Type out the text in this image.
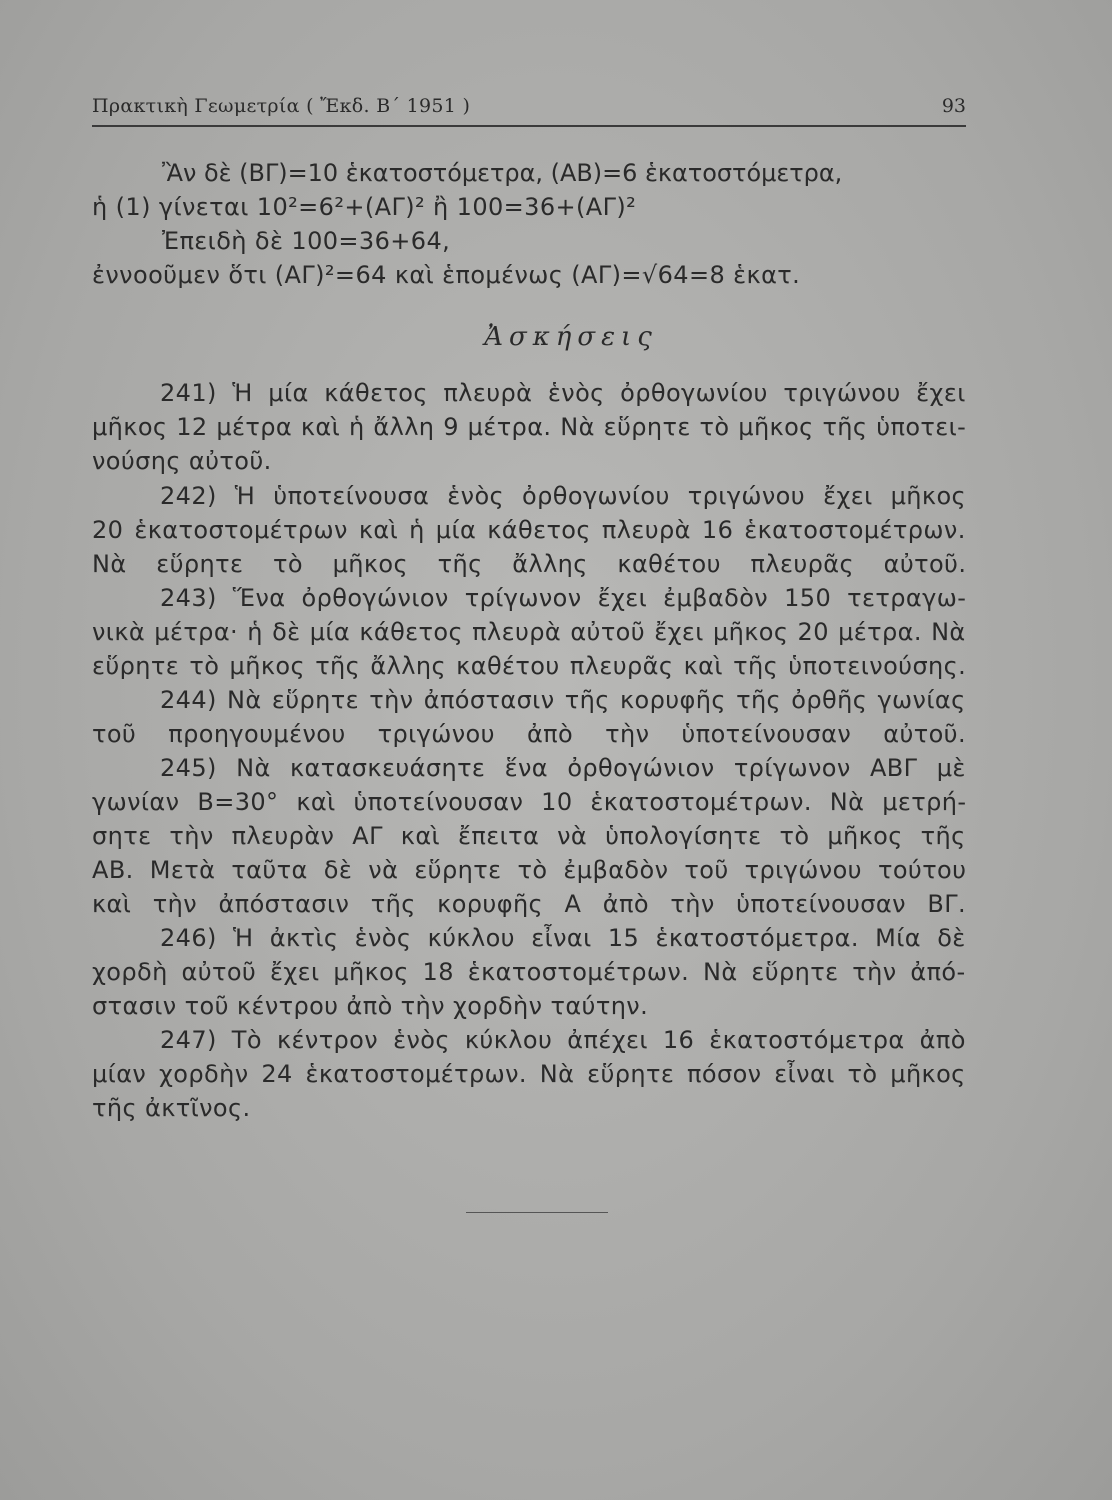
Πρακτικὴ Γεωμετρία ( Ἔκδ. Β΄ 1951 )	93
Ἂν δὲ (ΒΓ)=10 ἑκατοστόμετρα, (ΑΒ)=6 ἑκατοστόμετρα,
ἡ (1) γίνεται 10²=6²+(ΑΓ)² ἢ 100=36+(ΑΓ)²
Ἐπειδὴ δὲ 100=36+64,
ἐννοοῦμεν ὅτι (ΑΓ)²=64 καὶ ἑπομένως (ΑΓ)=√64=8 ἑκατ.
Ἀσκήσεις
241) Ἡ μία κάθετος πλευρὰ ἑνὸς ὀρθογωνίου τριγώνου ἔχει
μῆκος 12 μέτρα καὶ ἡ ἄλλη 9 μέτρα. Νὰ εὕρητε τὸ μῆκος τῆς ὑποτει-
νούσης αὐτοῦ.
242) Ἡ ὑποτείνουσα ἑνὸς ὀρθογωνίου τριγώνου ἔχει μῆκος
20 ἑκατοστομέτρων καὶ ἡ μία κάθετος πλευρὰ 16 ἑκατοστομέτρων.
Νὰ εὕρητε τὸ μῆκος τῆς ἄλλης καθέτου πλευρᾶς αὐτοῦ.
243) Ἕνα ὀρθογώνιον τρίγωνον ἔχει ἐμβαδὸν 150 τετραγω-
νικὰ μέτρα· ἡ δὲ μία κάθετος πλευρὰ αὐτοῦ ἔχει μῆκος 20 μέτρα. Νὰ
εὕρητε τὸ μῆκος τῆς ἄλλης καθέτου πλευρᾶς καὶ τῆς ὑποτεινούσης.
244) Νὰ εὕρητε τὴν ἀπόστασιν τῆς κορυφῆς τῆς ὀρθῆς γωνίας
τοῦ προηγουμένου τριγώνου ἀπὸ τὴν ὑποτείνουσαν αὐτοῦ.
245) Νὰ κατασκευάσητε ἕνα ὀρθογώνιον τρίγωνον ΑΒΓ μὲ
γωνίαν Β=30° καὶ ὑποτείνουσαν 10 ἑκατοστομέτρων. Νὰ μετρή-
σητε τὴν πλευρὰν ΑΓ καὶ ἔπειτα νὰ ὑπολογίσητε τὸ μῆκος τῆς
ΑΒ. Μετὰ ταῦτα δὲ νὰ εὕρητε τὸ ἐμβαδὸν τοῦ τριγώνου τούτου
καὶ τὴν ἀπόστασιν τῆς κορυφῆς Α ἀπὸ τὴν ὑποτείνουσαν ΒΓ.
246) Ἡ ἀκτὶς ἑνὸς κύκλου εἶναι 15 ἑκατοστόμετρα. Μία δὲ
χορδὴ αὐτοῦ ἔχει μῆκος 18 ἑκατοστομέτρων. Νὰ εὕρητε τὴν ἀπό-
στασιν τοῦ κέντρου ἀπὸ τὴν χορδὴν ταύτην.
247) Τὸ κέντρον ἑνὸς κύκλου ἀπέχει 16 ἑκατοστόμετρα ἀπὸ
μίαν χορδὴν 24 ἑκατοστομέτρων. Νὰ εὕρητε πόσον εἶναι τὸ μῆκος
τῆς ἀκτῖνος.
